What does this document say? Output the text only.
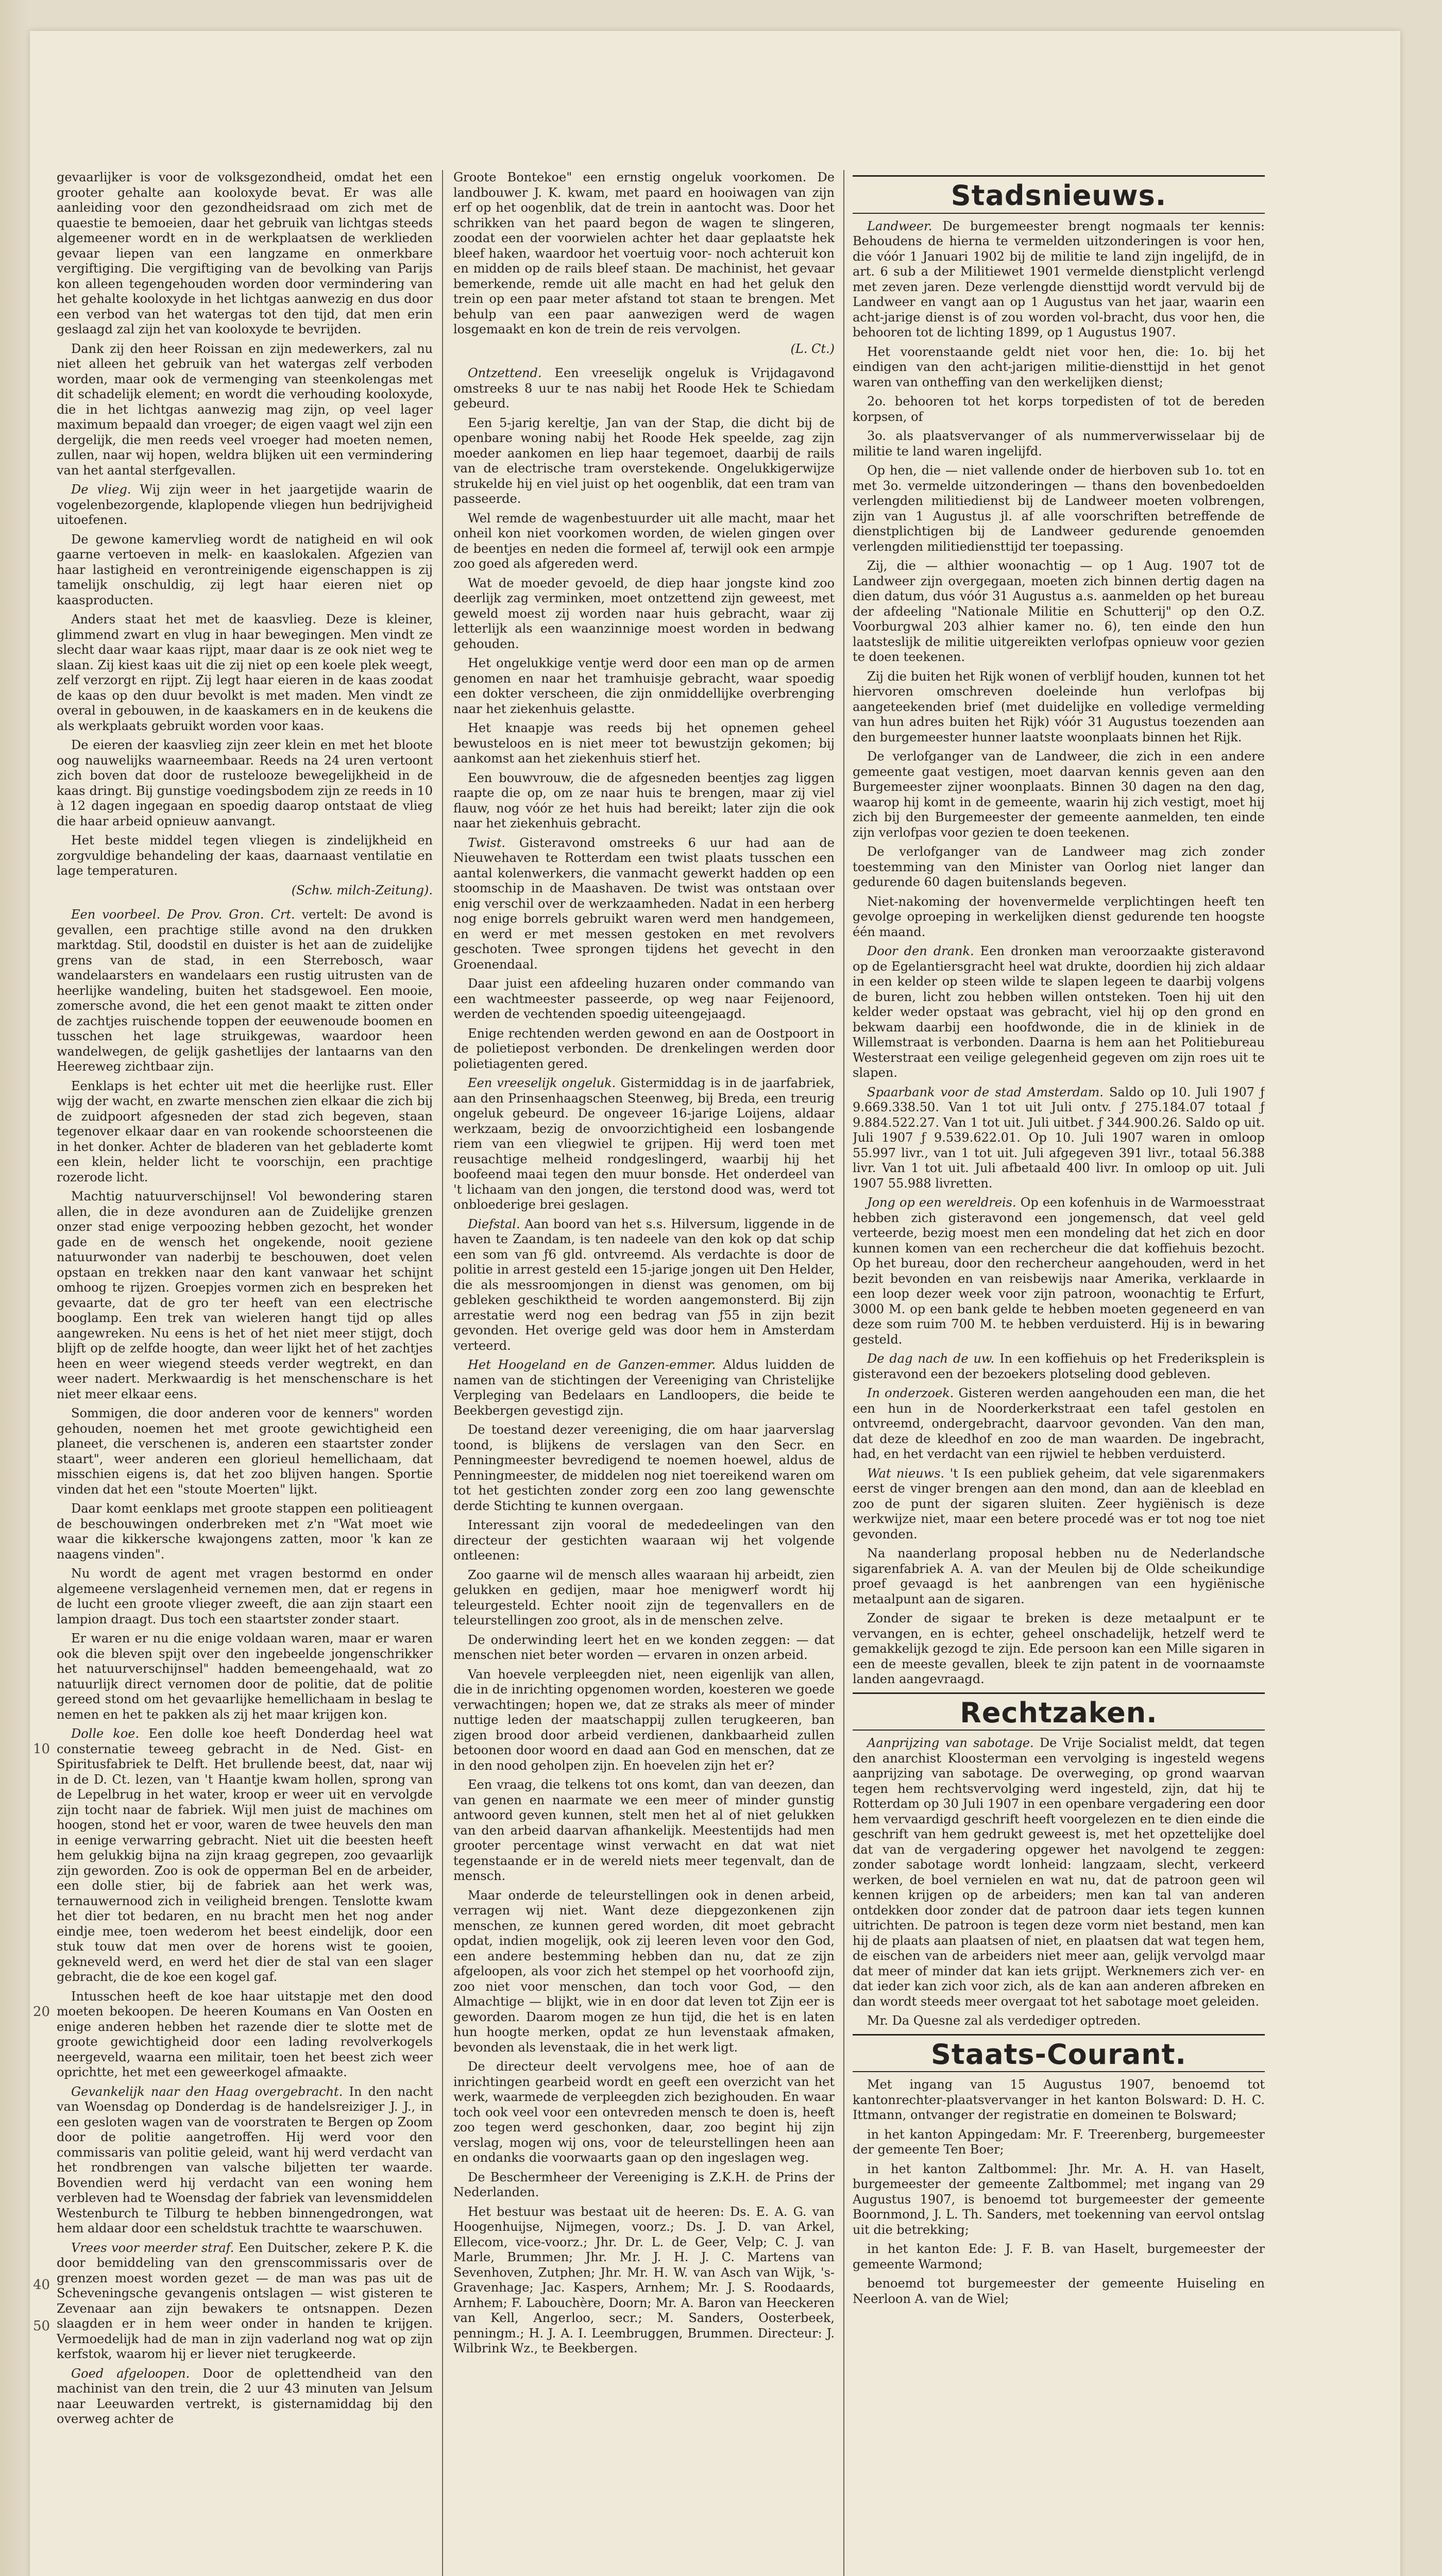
10
20
40
50

gevaarlijker is voor de volksgezondheid, omdat het een grooter gehalte aan kooloxyde bevat. Er was alle aanleiding voor den gezondheidsraad om zich met de quaestie te bemoeien, daar het gebruik van lichtgas steeds algemeener wordt en in de werkplaatsen de werklieden gevaar liepen van een langzame en onmerkbare vergiftiging. Die vergiftiging van de bevolking van Parijs kon alleen tegengehouden worden door vermindering van het gehalte kooloxyde in het lichtgas aanwezig en dus door een verbod van het watergas tot den tijd, dat men erin geslaagd zal zijn het van kooloxyde te bevrijden.

Dank zij den heer Roissan en zijn medewerkers, zal nu niet alleen het gebruik van het watergas zelf verboden worden, maar ook de vermenging van steenkolengas met dit schadelijk element; en wordt die verhouding kooloxyde, die in het lichtgas aanwezig mag zijn, op veel lager maximum bepaald dan vroeger; de eigen vaagt wel zijn een dergelijk, die men reeds veel vroeger had moeten nemen, zullen, naar wij hopen, weldra blijken uit een vermindering van het aantal sterfgevallen.

De vlieg. Wij zijn weer in het jaargetijde waarin de vogelenbezorgende, klaplopende vliegen hun bedrijvigheid uitoefenen.

De gewone kamervlieg wordt de natigheid en wil ook gaarne vertoeven in melk- en kaaslokalen. Afgezien van haar lastigheid en verontreinigende eigenschappen is zij tamelijk onschuldig, zij legt haar eieren niet op kaasproducten.

Anders staat het met de kaasvlieg. Deze is kleiner, glimmend zwart en vlug in haar bewegingen. Men vindt ze slecht daar waar kaas rijpt, maar daar is ze ook niet weg te slaan. Zij kiest kaas uit die zij niet op een koele plek weegt, zelf verzorgt en rijpt. Zij legt haar eieren in de kaas zoodat de kaas op den duur bevolkt is met maden. Men vindt ze overal in gebouwen, in de kaaskamers en in de keukens die als werkplaats gebruikt worden voor kaas.

De eieren der kaasvlieg zijn zeer klein en met het bloote oog nauwelijks waarneembaar. Reeds na 24 uren vertoont zich boven dat door de rustelooze bewegelijkheid in de kaas dringt. Bij gunstige voedingsbodem zijn ze reeds in 10 à 12 dagen ingegaan en spoedig daarop ontstaat de vlieg die haar arbeid opnieuw aanvangt.

Het beste middel tegen vliegen is zindelijkheid en zorgvuldige behandeling der kaas, daarnaast ventilatie en lage temperaturen.

(Schw. milch-Zeitung).

Een voorbeel. De Prov. Gron. Crt. vertelt: De avond is gevallen, een prachtige stille avond na den drukken marktdag. Stil, doodstil en duister is het aan de zuidelijke grens van de stad, in een Sterrebosch, waar wandelaarsters en wandelaars een rustig uitrusten van de heerlijke wandeling, buiten het stadsgewoel. Een mooie, zomersche avond, die het een genot maakt te zitten onder de zachtjes ruischende toppen der eeuwenoude boomen en tusschen het lage struikgewas, waardoor heen wandelwegen, de gelijk gashetlijes der lantaarns van den Heereweg zichtbaar zijn.

Eenklaps is het echter uit met die heerlijke rust. Eller wijg der wacht, en zwarte menschen zien elkaar die zich bij de zuidpoort afgesneden der stad zich begeven, staan tegenover elkaar daar en van rookende schoorsteenen die in het donker. Achter de bladeren van het gebladerte komt een klein, helder licht te voorschijn, een prachtige rozerode licht.

Machtig natuurverschijnsel! Vol bewondering staren allen, die in deze avonduren aan de Zuidelijke grenzen onzer stad enige verpoozing hebben gezocht, het wonder gade en de wensch het ongekende, nooit geziene natuurwonder van naderbij te beschouwen, doet velen opstaan en trekken naar den kant vanwaar het schijnt omhoog te rijzen. Groepjes vormen zich en bespreken het gevaarte, dat de gro ter heeft van een electrische booglamp. Een trek van wieleren hangt tijd op alles aangewreken. Nu eens is het of het niet meer stijgt, doch blijft op de zelfde hoogte, dan weer lijkt het of het zachtjes heen en weer wiegend steeds verder wegtrekt, en dan weer nadert. Merkwaardig is het menschenschare is het niet meer elkaar eens.

Sommigen, die door anderen voor de kenners" worden gehouden, noemen het met groote gewichtigheid een planeet, die verschenen is, anderen een staartster zonder staart", weer anderen een glorieul hemellichaam, dat misschien eigens is, dat het zoo blijven hangen. Sportie vinden dat het een "stoute Moerten" lijkt.

Daar komt eenklaps met groote stappen een politieagent de beschouwingen onderbreken met z'n "Wat moet wie waar die kikkersche kwajongens zatten, moor 'k kan ze naagens vinden".

Nu wordt de agent met vragen bestormd en onder algemeene verslagenheid vernemen men, dat er regens in de lucht een groote vlieger zweeft, die aan zijn staart een lampion draagt. Dus toch een staartster zonder staart.

Er waren er nu die enige voldaan waren, maar er waren ook die bleven spijt over den ingebeelde jongenschrikker het natuurverschijnsel" hadden bemeengehaald, wat zo natuurlijk direct vernomen door de politie, dat de politie gereed stond om het gevaarlijke hemellichaam in beslag te nemen en het te pakken als zij het maar krijgen kon.

Dolle koe. Een dolle koe heeft Donderdag heel wat consternatie teweeg gebracht in de Ned. Gist- en Spiritusfabriek te Delft. Het brullende beest, dat, naar wij in de D. Ct. lezen, van 't Haantje kwam hollen, sprong van de Lepelbrug in het water, kroop er weer uit en vervolgde zijn tocht naar de fabriek. Wijl men juist de machines om hoogen, stond het er voor, waren de twee heuvels den man in eenige verwarring gebracht. Niet uit die beesten heeft hem gelukkig bijna na zijn kraag gegrepen, zoo gevaarlijk zijn geworden. Zoo is ook de opperman Bel en de arbeider, een dolle stier, bij de fabriek aan het werk was, ternauwernood zich in veiligheid brengen. Tenslotte kwam het dier tot bedaren, en nu bracht men het nog ander eindje mee, toen wederom het beest eindelijk, door een stuk touw dat men over de horens wist te gooien, gekneveld werd, en werd het dier de stal van een slager gebracht, die de koe een kogel gaf.

Intusschen heeft de koe haar uitstapje met den dood moeten bekoopen. De heeren Koumans en Van Oosten en enige anderen hebben het razende dier te slotte met de groote gewichtigheid door een lading revolverkogels neergeveld, waarna een militair, toen het beest zich weer oprichtte, het met een geweerkogel afmaakte.

Gevankelijk naar den Haag overgebracht. In den nacht van Woensdag op Donderdag is de handelsreiziger J. J., in een gesloten wagen van de voorstraten te Bergen op Zoom door de politie aangetroffen. Hij werd voor den commissaris van politie geleid, want hij werd verdacht van het rondbrengen van valsche biljetten ter waarde. Bovendien werd hij verdacht van een woning hem verbleven had te Woensdag der fabriek van levensmiddelen Westenburch te Tilburg te hebben binnengedrongen, wat hem aldaar door een scheldstuk trachtte te waarschuwen.

Vrees voor meerder straf. Een Duitscher, zekere P. K. die door bemiddeling van den grenscommissaris over de grenzen moest worden gezet — de man was pas uit de Scheveningsche gevangenis ontslagen — wist gisteren te Zevenaar aan zijn bewakers te ontsnappen. Dezen slaagden er in hem weer onder in handen te krijgen. Vermoedelijk had de man in zijn vaderland nog wat op zijn kerfstok, waarom hij er liever niet terugkeerde.

Goed afgeloopen. Door de oplettendheid van den machinist van den trein, die 2 uur 43 minuten van Jelsum naar Leeuwarden vertrekt, is gisternamiddag bij den overweg achter de

Groote Bontekoe" een ernstig ongeluk voorkomen. De landbouwer J. K. kwam, met paard en hooiwagen van zijn erf op het oogenblik, dat de trein in aantocht was. Door het schrikken van het paard begon de wagen te slingeren, zoodat een der voorwielen achter het daar geplaatste hek bleef haken, waardoor het voertuig voor- noch achteruit kon en midden op de rails bleef staan. De machinist, het gevaar bemerkende, remde uit alle macht en had het geluk den trein op een paar meter afstand tot staan te brengen. Met behulp van een paar aanwezigen werd de wagen losgemaakt en kon de trein de reis vervolgen.

(L. Ct.)

Ontzettend. Een vreeselijk ongeluk is Vrijdagavond omstreeks 8 uur te nas nabij het Roode Hek te Schiedam gebeurd.

Een 5-jarig kereltje, Jan van der Stap, die dicht bij de openbare woning nabij het Roode Hek speelde, zag zijn moeder aankomen en liep haar tegemoet, daarbij de rails van de electrische tram overstekende. Ongelukkigerwijze strukelde hij en viel juist op het oogenblik, dat een tram van passeerde.

Wel remde de wagenbestuurder uit alle macht, maar het onheil kon niet voorkomen worden, de wielen gingen over de beentjes en neden die formeel af, terwijl ook een armpje zoo goed als afgereden werd.

Wat de moeder gevoeld, de diep haar jongste kind zoo deerlijk zag verminken, moet ontzettend zijn geweest, met geweld moest zij worden naar huis gebracht, waar zij letterlijk als een waanzinnige moest worden in bedwang gehouden.

Het ongelukkige ventje werd door een man op de armen genomen en naar het tramhuisje gebracht, waar spoedig een dokter verscheen, die zijn onmiddellijke overbrenging naar het ziekenhuis gelastte.

Het knaapje was reeds bij het opnemen geheel bewusteloos en is niet meer tot bewustzijn gekomen; bij aankomst aan het ziekenhuis stierf het.

Een bouwvrouw, die de afgesneden beentjes zag liggen raapte die op, om ze naar huis te brengen, maar zij viel flauw, nog vóór ze het huis had bereikt; later zijn die ook naar het ziekenhuis gebracht.

Twist. Gisteravond omstreeks 6 uur had aan de Nieuwehaven te Rotterdam een twist plaats tusschen een aantal kolenwerkers, die vanmacht gewerkt hadden op een stoomschip in de Maashaven. De twist was ontstaan over enig verschil over de werkzaamheden. Nadat in een herberg nog enige borrels gebruikt waren werd men handgemeen, en werd er met messen gestoken en met revolvers geschoten. Twee sprongen tijdens het gevecht in den Groenendaal.

Daar juist een afdeeling huzaren onder commando van een wachtmeester passeerde, op weg naar Feijenoord, werden de vechtenden spoedig uiteengejaagd.

Enige rechtenden werden gewond en aan de Oostpoort in de polietiepost verbonden. De drenkelingen werden door polietiagenten gered.

Een vreeselijk ongeluk. Gistermiddag is in de jaarfabriek, aan den Prinsenhaagschen Steenweg, bij Breda, een treurig ongeluk gebeurd. De ongeveer 16-jarige Loijens, aldaar werkzaam, bezig de onvoorzichtigheid een losbangende riem van een vliegwiel te grijpen. Hij werd toen met reusachtige melheid rondgeslingerd, waarbij hij het boofeend maai tegen den muur bonsde. Het onderdeel van 't lichaam van den jongen, die terstond dood was, werd tot onbloederige brei geslagen.

Diefstal. Aan boord van het s.s. Hilversum, liggende in de haven te Zaandam, is ten nadeele van den kok op dat schip een som van ƒ6 gld. ontvreemd. Als verdachte is door de politie in arrest gesteld een 15-jarige jongen uit Den Helder, die als messroomjongen in dienst was genomen, om bij gebleken geschiktheid te worden aangemonsterd. Bij zijn arrestatie werd nog een bedrag van ƒ55 in zijn bezit gevonden. Het overige geld was door hem in Amsterdam verteerd.

Het Hoogeland en de Ganzen-emmer. Aldus luidden de namen van de stichtingen der Vereeniging van Christelijke Verpleging van Bedelaars en Landloopers, die beide te Beekbergen gevestigd zijn.

De toestand dezer vereeniging, die om haar jaarverslag toond, is blijkens de verslagen van den Secr. en Penningmeester bevredigend te noemen hoewel, aldus de Penningmeester, de middelen nog niet toereikend waren om tot het gestichten zonder zorg een zoo lang gewenschte derde Stichting te kunnen overgaan.

Interessant zijn vooral de mededeelingen van den directeur der gestichten waaraan wij het volgende ontleenen:

Zoo gaarne wil de mensch alles waaraan hij arbeidt, zien gelukken en gedijen, maar hoe menigwerf wordt hij teleurgesteld. Echter nooit zijn de tegenvallers en de teleurstellingen zoo groot, als in de menschen zelve.

De onderwinding leert het en we konden zeggen: — dat menschen niet beter worden — ervaren in onzen arbeid.

Van hoevele verpleegden niet, neen eigenlijk van allen, die in de inrichting opgenomen worden, koesteren we goede verwachtingen; hopen we, dat ze straks als meer of minder nuttige leden der maatschappij zullen terugkeeren, ban zigen brood door arbeid verdienen, dankbaarheid zullen betoonen door woord en daad aan God en menschen, dat ze in den nood geholpen zijn. En hoevelen zijn het er?

Een vraag, die telkens tot ons komt, dan van deezen, dan van genen en naarmate we een meer of minder gunstig antwoord geven kunnen, stelt men het al of niet gelukken van den arbeid daarvan afhankelijk. Meestentijds had men grooter percentage winst verwacht en dat wat niet tegenstaande er in de wereld niets meer tegenvalt, dan de mensch.

Maar onderde de teleurstellingen ook in denen arbeid, verragen wij niet. Want deze diepgezonkenen zijn menschen, ze kunnen gered worden, dit moet gebracht opdat, indien mogelijk, ook zij leeren leven voor den God, een andere bestemming hebben dan nu, dat ze zijn afgeloopen, als voor zich het stempel op het voorhoofd zijn, zoo niet voor menschen, dan toch voor God, — den Almachtige — blijkt, wie in en door dat leven tot Zijn eer is geworden. Daarom mogen ze hun tijd, die het is en laten hun hoogte merken, opdat ze hun levenstaak afmaken, bevonden als levenstaak, die in het werk ligt.

De directeur deelt vervolgens mee, hoe of aan de inrichtingen gearbeid wordt en geeft een overzicht van het werk, waarmede de verpleegden zich bezighouden. En waar toch ook veel voor een ontevreden mensch te doen is, heeft zoo tegen werd geschonken, daar, zoo begint hij zijn verslag, mogen wij ons, voor de teleurstellingen heen aan en ondanks die voorwaarts gaan op den ingeslagen weg.

De Beschermheer der Vereeniging is Z.K.H. de Prins der Nederlanden.

Het bestuur was bestaat uit de heeren: Ds. E. A. G. van Hoogenhuijse, Nijmegen, voorz.; Ds. J. D. van Arkel, Ellecom, vice-voorz.; Jhr. Dr. L. de Geer, Velp; C. J. van Marle, Brummen; Jhr. Mr. J. H. J. C. Martens van Sevenhoven, Zutphen; Jhr. Mr. H. W. van Asch van Wijk, 's-Gravenhage; Jac. Kaspers, Arnhem; Mr. J. S. Roodaards, Arnhem; F. Labouchère, Doorn; Mr. A. Baron van Heeckeren van Kell, Angerloo, secr.; M. Sanders, Oosterbeek, penningm.; H. J. A. I. Leembruggen, Brummen. Directeur: J. Wilbrink Wz., te Beekbergen.

Stadsnieuws.

Landweer. De burgemeester brengt nogmaals ter kennis: Behoudens de hierna te vermelden uitzonderingen is voor hen, die vóór 1 Januari 1902 bij de militie te land zijn ingelijfd, de in art. 6 sub a der Militiewet 1901 vermelde dienstplicht verlengd met zeven jaren. Deze verlengde diensttijd wordt vervuld bij de Landweer en vangt aan op 1 Augustus van het jaar, waarin een acht-jarige dienst is of zou worden vol-bracht, dus voor hen, die behooren tot de lichting 1899, op 1 Augustus 1907.

Het voorenstaande geldt niet voor hen, die: 1o. bij het eindigen van den acht-jarigen militie-diensttijd in het genot waren van ontheffing van den werkelijken dienst;

2o. behooren tot het korps torpedisten of tot de bereden korpsen, of

3o. als plaatsvervanger of als nummerverwisselaar bij de militie te land waren ingelijfd.

Op hen, die — niet vallende onder de hierboven sub 1o. tot en met 3o. vermelde uitzonderingen — thans den bovenbedoelden verlengden militiedienst bij de Landweer moeten volbrengen, zijn van 1 Augustus jl. af alle voorschriften betreffende de dienstplichtigen bij de Landweer gedurende genoemden verlengden militiediensttijd ter toepassing.

Zij, die — althier woonachtig — op 1 Aug. 1907 tot de Landweer zijn overgegaan, moeten zich binnen dertig dagen na dien datum, dus vóór 31 Augustus a.s. aanmelden op het bureau der afdeeling "Nationale Militie en Schutterij" op den O.Z. Voorburgwal 203 alhier kamer no. 6), ten einde den hun laatsteslijk de militie uitgereikten verlofpas opnieuw voor gezien te doen teekenen.

Zij die buiten het Rijk wonen of verblijf houden, kunnen tot het hiervoren omschreven doeleinde hun verlofpas bij aangeteekenden brief (met duidelijke en volledige vermelding van hun adres buiten het Rijk) vóór 31 Augustus toezenden aan den burgemeester hunner laatste woonplaats binnen het Rijk.

De verlofganger van de Landweer, die zich in een andere gemeente gaat vestigen, moet daarvan kennis geven aan den Burgemeester zijner woonplaats. Binnen 30 dagen na den dag, waarop hij komt in de gemeente, waarin hij zich vestigt, moet hij zich bij den Burgemeester der gemeente aanmelden, ten einde zijn verlofpas voor gezien te doen teekenen.

De verlofganger van de Landweer mag zich zonder toestemming van den Minister van Oorlog niet langer dan gedurende 60 dagen buitenslands begeven.

Niet-nakoming der hovenvermelde verplichtingen heeft ten gevolge oproeping in werkelijken dienst gedurende ten hoogste één maand.

Door den drank. Een dronken man veroorzaakte gisteravond op de Egelantiersgracht heel wat drukte, doordien hij zich aldaar in een kelder op steen wilde te slapen legeen te daarbij volgens de buren, licht zou hebben willen ontsteken. Toen hij uit den kelder weder opstaat was gebracht, viel hij op den grond en bekwam daarbij een hoofdwonde, die in de kliniek in de Willemstraat is verbonden. Daarna is hem aan het Politiebureau Westerstraat een veilige gelegenheid gegeven om zijn roes uit te slapen.

Spaarbank voor de stad Amsterdam. Saldo op 10. Juli 1907 ƒ 9.669.338.50. Van 1 tot uit Juli ontv. ƒ 275.184.07 totaal ƒ 9.884.522.27. Van 1 tot uit. Juli uitbet. ƒ 344.900.26. Saldo op uit. Juli 1907 ƒ 9.539.622.01. Op 10. Juli 1907 waren in omloop 55.997 livr., van 1 tot uit. Juli afgegeven 391 livr., totaal 56.388 livr. Van 1 tot uit. Juli afbetaald 400 livr. In omloop op uit. Juli 1907 55.988 livretten.

Jong op een wereldreis. Op een kofenhuis in de Warmoesstraat hebben zich gisteravond een jongemensch, dat veel geld verteerde, bezig moest men een mondeling dat het zich en door kunnen komen van een rechercheur die dat koffiehuis bezocht. Op het bureau, door den rechercheur aangehouden, werd in het bezit bevonden en van reisbewijs naar Amerika, verklaarde in een loop dezer week voor zijn patroon, woonachtig te Erfurt, 3000 M. op een bank gelde te hebben moeten gegeneerd en van deze som ruim 700 M. te hebben verduisterd. Hij is in bewaring gesteld.

De dag nach de uw. In een koffiehuis op het Frederiksplein is gisteravond een der bezoekers plotseling dood gebleven.

In onderzoek. Gisteren werden aangehouden een man, die het een hun in de Noorderkerkstraat een tafel gestolen en ontvreemd, ondergebracht, daarvoor gevonden. Van den man, dat deze de kleedhof en zoo de man waarden. De ingebracht, had, en het verdacht van een rijwiel te hebben verduisterd.

Wat nieuws. 't Is een publiek geheim, dat vele sigarenmakers eerst de vinger brengen aan den mond, dan aan de kleeblad en zoo de punt der sigaren sluiten. Zeer hygiënisch is deze werkwijze niet, maar een betere procedé was er tot nog toe niet gevonden.

Na naanderlang proposal hebben nu de Nederlandsche sigarenfabriek A. A. van der Meulen bij de Olde scheikundige proef gevaagd is het aanbrengen van een hygiënische metaalpunt aan de sigaren.

Zonder de sigaar te breken is deze metaalpunt er te vervangen, en is echter, geheel onschadelijk, hetzelf werd te gemakkelijk gezogd te zijn. Ede persoon kan een Mille sigaren in een de meeste gevallen, bleek te zijn patent in de voornaamste landen aangevraagd.

Rechtzaken.

Aanprijzing van sabotage. De Vrije Socialist meldt, dat tegen den anarchist Kloosterman een vervolging is ingesteld wegens aanprijzing van sabotage. De overweging, op grond waarvan tegen hem rechtsvervolging werd ingesteld, zijn, dat hij te Rotterdam op 30 Juli 1907 in een openbare vergadering een door hem vervaardigd geschrift heeft voorgelezen en te dien einde die geschrift van hem gedrukt geweest is, met het opzettelijke doel dat van de vergadering opgewer het navolgend te zeggen: zonder sabotage wordt lonheid: langzaam, slecht, verkeerd werken, de boel vernielen en wat nu, dat de patroon geen wil kennen krijgen op de arbeiders; men kan tal van anderen ontdekken door zonder dat de patroon daar iets tegen kunnen uitrichten. De patroon is tegen deze vorm niet bestand, men kan hij de plaats aan plaatsen of niet, en plaatsen dat wat tegen hem, de eischen van de arbeiders niet meer aan, gelijk vervolgd maar dat meer of minder dat kan iets grijpt. Werknemers zich ver- en dat ieder kan zich voor zich, als de kan aan anderen afbreken en dan wordt steeds meer overgaat tot het sabotage moet geleiden.

Mr. Da Quesne zal als verdediger optreden.

Staats-Courant.

Met ingang van 15 Augustus 1907, benoemd tot kantonrechter-plaatsvervanger in het kanton Bolsward: D. H. C. Ittmann, ontvanger der registratie en domeinen te Bolsward;

in het kanton Appingedam: Mr. F. Treerenberg, burgemeester der gemeente Ten Boer;

in het kanton Zaltbommel: Jhr. Mr. A. H. van Haselt, burgemeester der gemeente Zaltbommel; met ingang van 29 Augustus 1907, is benoemd tot burgemeester der gemeente Boornmond, J. L. Th. Sanders, met toekenning van eervol ontslag uit die betrekking;

in het kanton Ede: J. F. B. van Haselt, burgemeester der gemeente Warmond;

benoemd tot burgemeester der gemeente Huiseling en Neerloon A. van de Wiel;
